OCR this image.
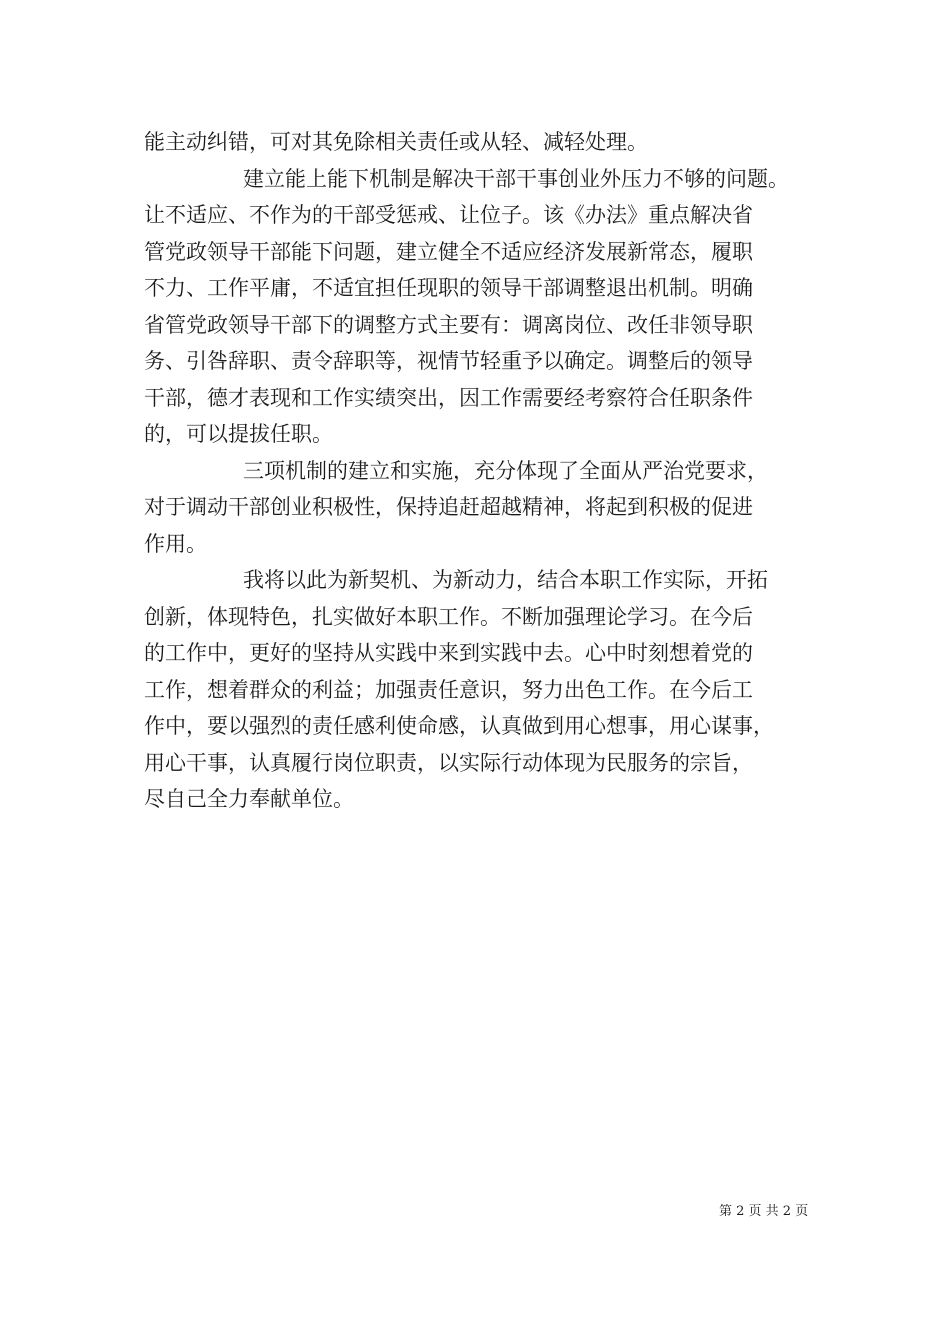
能主动纠错，可对其免除相关责任或从轻、减轻处理。
建立能上能下机制是解决干部干事创业外压力不够的问题。
让不适应、不作为的干部受惩戒、让位子。该《办法》重点解决省
管党政领导干部能下问题，建立健全不适应经济发展新常态，履职
不力、工作平庸，不适宜担任现职的领导干部调整退出机制。明确
省管党政领导干部下的调整方式主要有：调离岗位、改任非领导职
务、引咎辞职、责令辞职等，视情节轻重予以确定。调整后的领导
干部，德才表现和工作实绩突出，因工作需要经考察符合任职条件
的，可以提拔任职。
三项机制的建立和实施，充分体现了全面从严治党要求，
对于调动干部创业积极性，保持追赶超越精神，将起到积极的促进
作用。
我将以此为新契机、为新动力，结合本职工作实际，开拓
创新，体现特色，扎实做好本职工作。不断加强理论学习。在今后
的工作中，更好的坚持从实践中来到实践中去。心中时刻想着党的
工作，想着群众的利益；加强责任意识，努力出色工作。在今后工
作中，要以强烈的责任感利使命感，认真做到用心想事，用心谋事，
用心干事，认真履行岗位职责，以实际行动体现为民服务的宗旨，
尽自己全力奉献单位。
第 2 页 共 2 页
